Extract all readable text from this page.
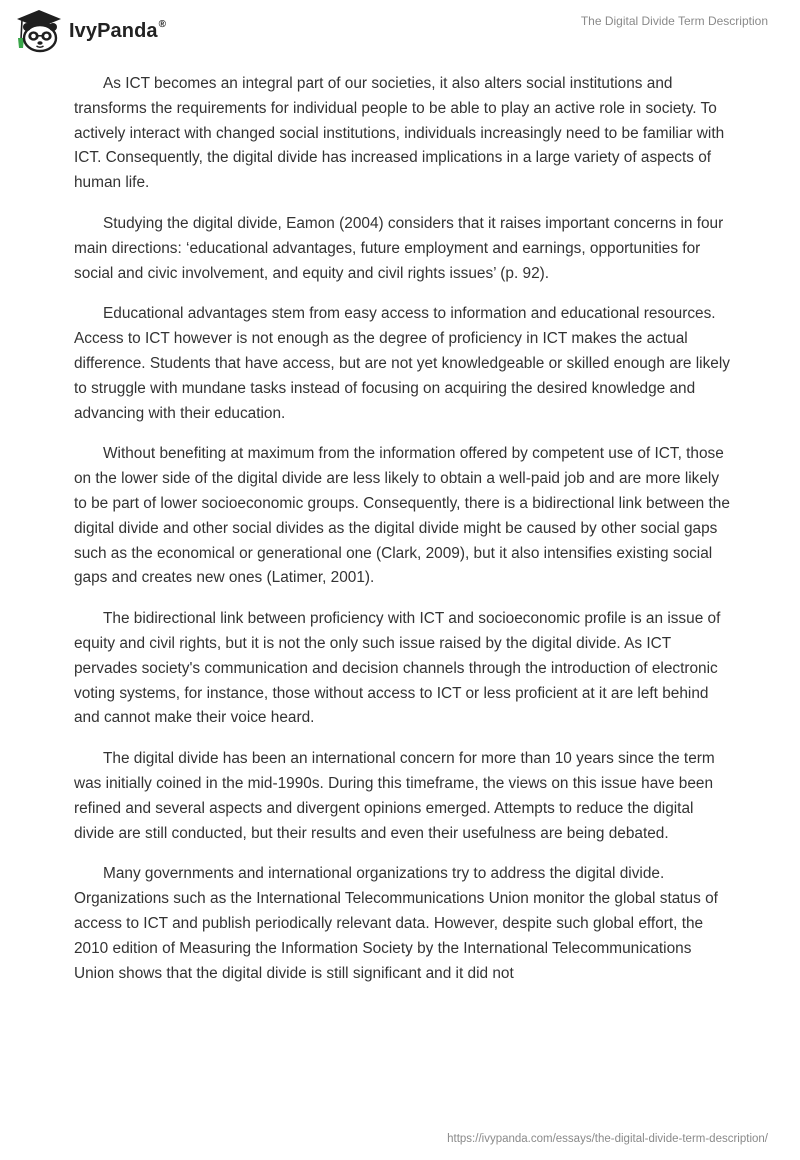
IvyPanda®	The Digital Divide Term Description

As ICT becomes an integral part of our societies, it also alters social institutions and transforms the requirements for individual people to be able to play an active role in society. To actively interact with changed social institutions, individuals increasingly need to be familiar with ICT. Consequently, the digital divide has increased implications in a large variety of aspects of human life.

Studying the digital divide, Eamon (2004) considers that it raises important concerns in four main directions: ‘educational advantages, future employment and earnings, opportunities for social and civic involvement, and equity and civil rights issues’ (p. 92).

Educational advantages stem from easy access to information and educational resources. Access to ICT however is not enough as the degree of proficiency in ICT makes the actual difference. Students that have access, but are not yet knowledgeable or skilled enough are likely to struggle with mundane tasks instead of focusing on acquiring the desired knowledge and advancing with their education.

Without benefiting at maximum from the information offered by competent use of ICT, those on the lower side of the digital divide are less likely to obtain a well-paid job and are more likely to be part of lower socioeconomic groups. Consequently, there is a bidirectional link between the digital divide and other social divides as the digital divide might be caused by other social gaps such as the economical or generational one (Clark, 2009), but it also intensifies existing social gaps and creates new ones (Latimer, 2001).

The bidirectional link between proficiency with ICT and socioeconomic profile is an issue of equity and civil rights, but it is not the only such issue raised by the digital divide. As ICT pervades society's communication and decision channels through the introduction of electronic voting systems, for instance, those without access to ICT or less proficient at it are left behind and cannot make their voice heard.

The digital divide has been an international concern for more than 10 years since the term was initially coined in the mid-1990s. During this timeframe, the views on this issue have been refined and several aspects and divergent opinions emerged. Attempts to reduce the digital divide are still conducted, but their results and even their usefulness are being debated.

Many governments and international organizations try to address the digital divide. Organizations such as the International Telecommunications Union monitor the global status of access to ICT and publish periodically relevant data. However, despite such global effort, the 2010 edition of Measuring the Information Society by the International Telecommunications Union shows that the digital divide is still significant and it did not

https://ivypanda.com/essays/the-digital-divide-term-description/
